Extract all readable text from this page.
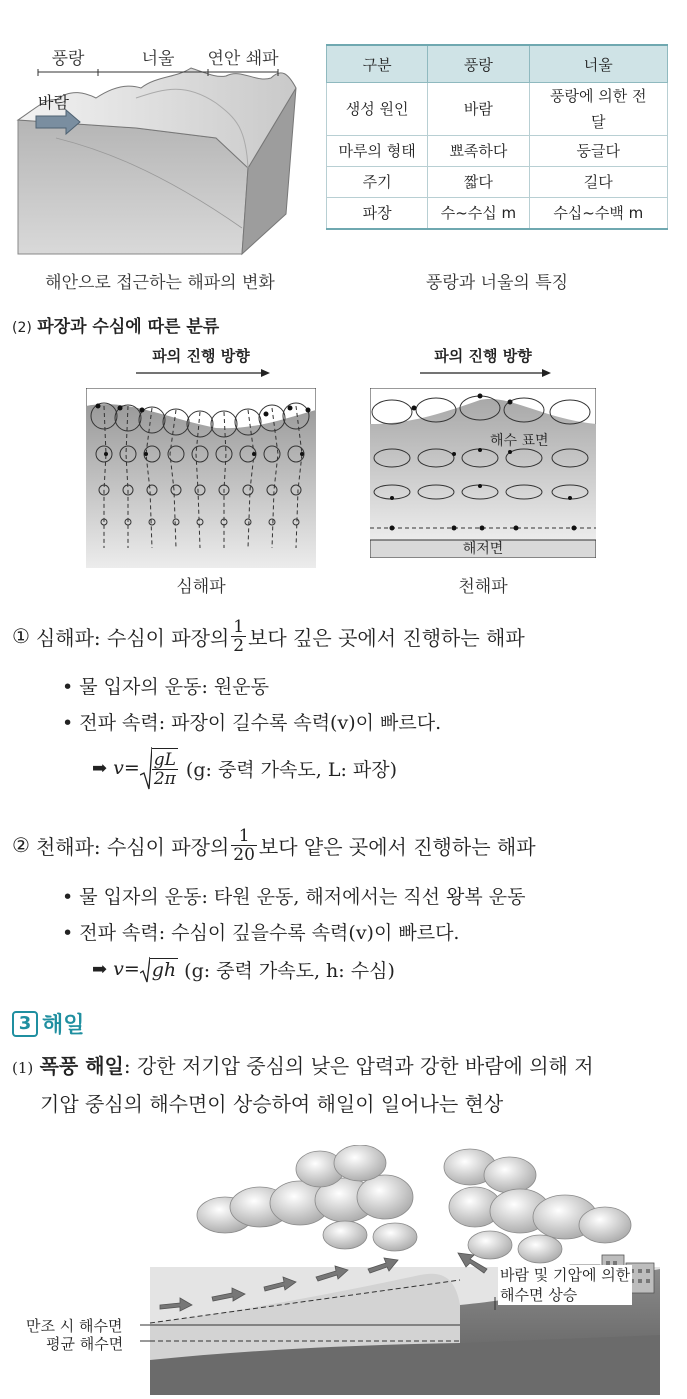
풍랑	너울	연안 쇄파
바람
해안으로 접근하는 해파의 변화
구분	풍랑	너울
생성 원인	바람	풍랑에 의한 전달
마루의 형태	뾰족하다	둥글다
주기	짧다	길다
파장	수~수십 m	수십~수백 m
풍랑과 너울의 특징
(2) 파장과 수심에 따른 분류
파의 진행 방향
심해파
파의 진행 방향
해수 표면
해저면
천해파
① 심해파: 수심이 파장의 $\frac{1}{2}$ 보다 깊은 곳에서 진행하는 해파
• 물 입자의 운동: 원운동
• 전파 속력: 파장이 길수록 속력(v)이 빠르다.
➡ $v = \frac{gL}{2\pi} (g$: 중력 가속도, L: 파장)
② 천해파: 수심이 파장의 $\frac{1}{20}$ 보다 얕은 곳에서 진행하는 해파
• 물 입자의 운동: 타원 운동, 해저에서는 직선 왕복 운동
• 전파 속력: 수심이 깊을수록 속력(v)이 빠르다.
➡ v = gh (g: 중력 가속도, h: 수심)
3 해일
(1) 폭풍 해일: 강한 저기압 중심의 낮은 압력과 강한 바람에 의해 저
기압 중심의 해수면이 상승하여 해일이 일어나는 현상
바람 및 기압에 의한
해수면 상승
만조 시 해수면
평균 해수면
